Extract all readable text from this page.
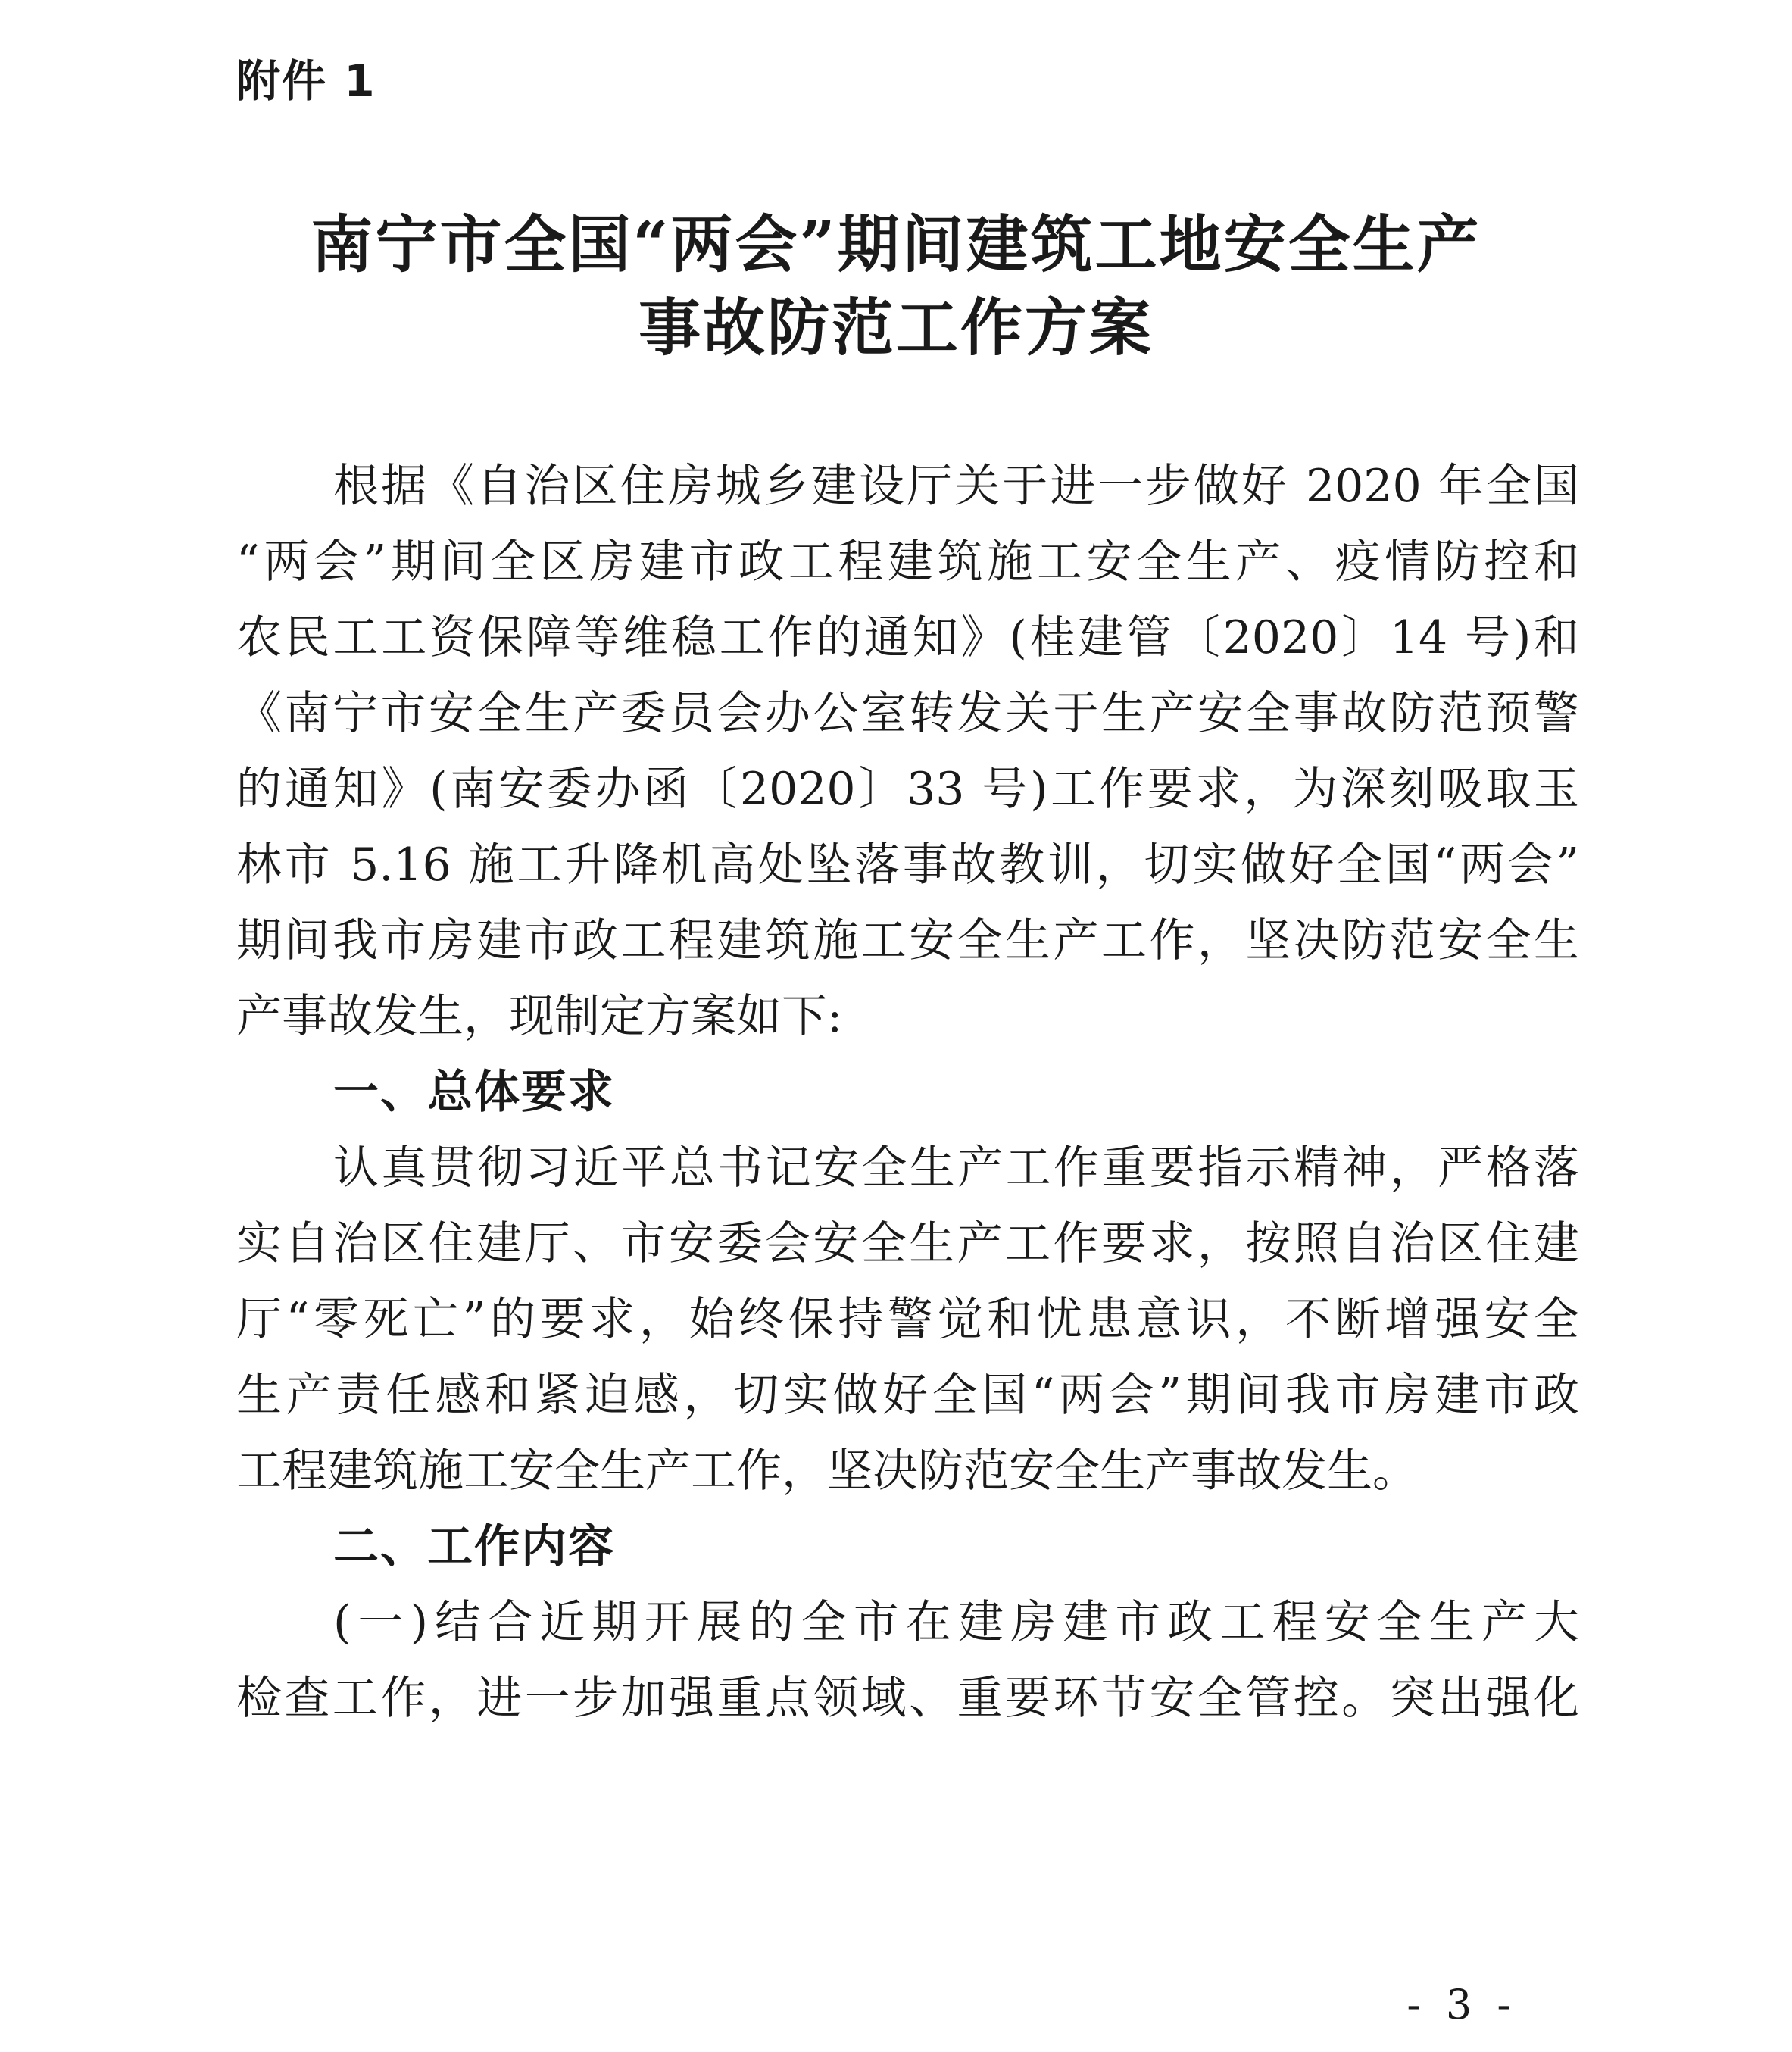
附件 1
南宁市全国“两会”期间建筑工地安全生产
事故防范工作方案
根据《自治区住房城乡建设厅关于进一步做好 2020 年全国
“两会”期间全区房建市政工程建筑施工安全生产、疫情防控和
农民工工资保障等维稳工作的通知》(桂建管〔2020〕14 号)和
《南宁市安全生产委员会办公室转发关于生产安全事故防范预警
的通知》(南安委办函〔2020〕33 号)工作要求，为深刻吸取玉
林市 5.16 施工升降机高处坠落事故教训，切实做好全国“两会”
期间我市房建市政工程建筑施工安全生产工作，坚决防范安全生
产事故发生，现制定方案如下:
一、总体要求
认真贯彻习近平总书记安全生产工作重要指示精神，严格落
实自治区住建厅、市安委会安全生产工作要求，按照自治区住建
厅“零死亡”的要求，始终保持警觉和忧患意识，不断增强安全
生产责任感和紧迫感，切实做好全国“两会”期间我市房建市政
工程建筑施工安全生产工作，坚决防范安全生产事故发生。
二、工作内容
(一)结合近期开展的全市在建房建市政工程安全生产大
检查工作，进一步加强重点领域、重要环节安全管控。突出强化
- 3 -
